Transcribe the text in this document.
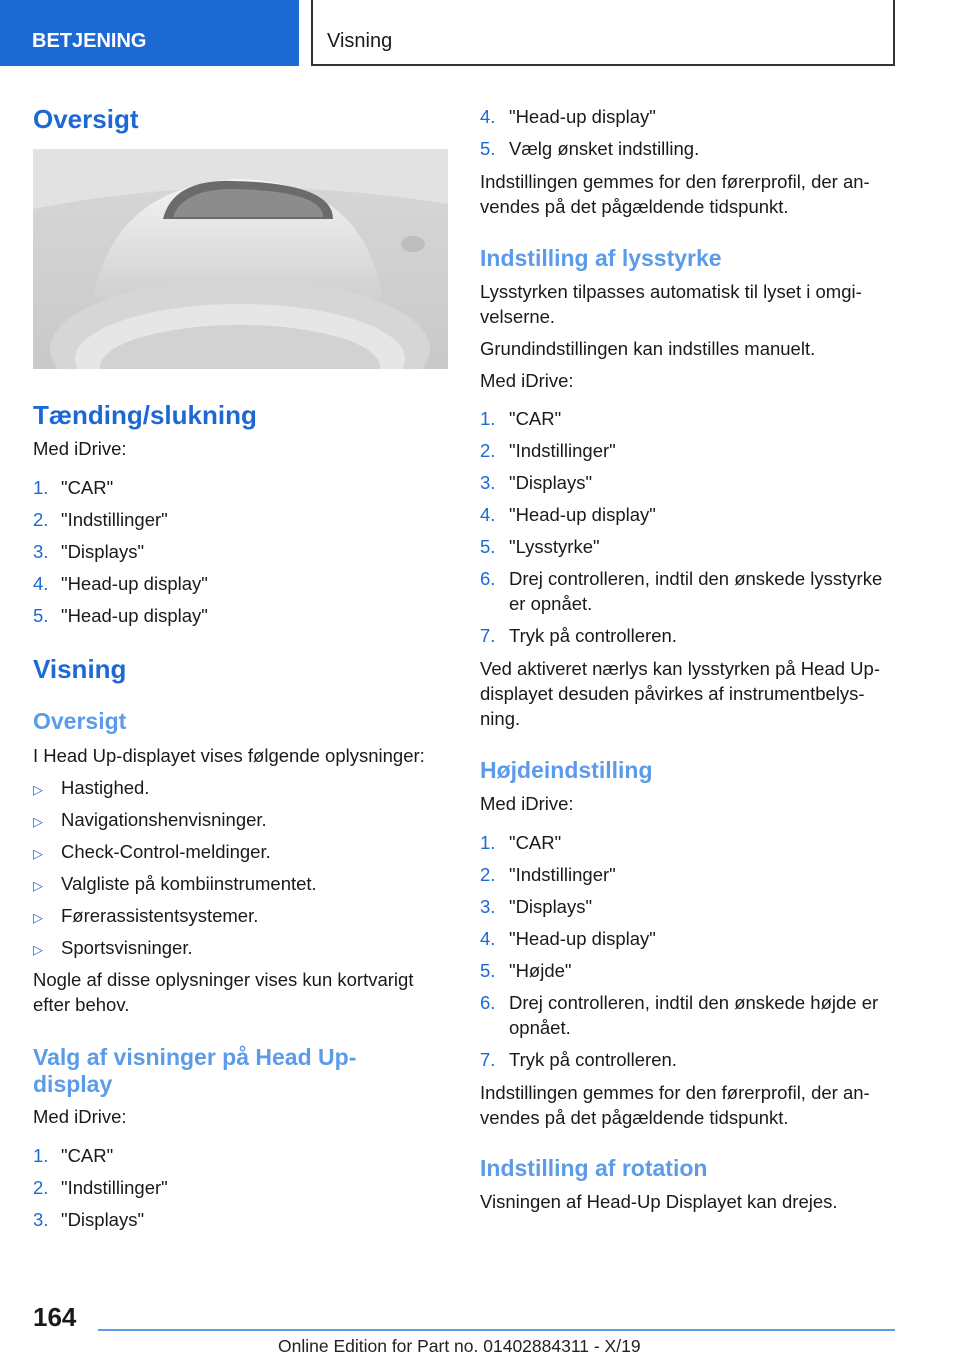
BETJENING	Visning
Oversigt
Tænding/slukning
Med iDrive:
1. "CAR"
2. "Indstillinger"
3. "Displays"
4. "Head-up display"
5. "Head-up display"
Visning
Oversigt
I Head Up-displayet vises følgende oplysninger:
▷ Hastighed.
▷ Navigationshenvisninger.
▷ Check-Control-meldinger.
▷ Valgliste på kombiinstrumentet.
▷ Førerassistentsystemer.
▷ Sportsvisninger.
Nogle af disse oplysninger vises kun kortvarigt
efter behov.
Valg af visninger på Head Up-
display
Med iDrive:
1. "CAR"
2. "Indstillinger"
3. "Displays"
4. "Head-up display"
5. Vælg ønsket indstilling.
Indstillingen gemmes for den førerprofil, der an-
vendes på det pågældende tidspunkt.
Indstilling af lysstyrke
Lysstyrken tilpasses automatisk til lyset i omgi-
velserne.
Grundindstillingen kan indstilles manuelt.
Med iDrive:
1. "CAR"
2. "Indstillinger"
3. "Displays"
4. "Head-up display"
5. "Lysstyrke"
6. Drej controlleren, indtil den ønskede lysstyrke
er opnået.
7. Tryk på controlleren.
Ved aktiveret nærlys kan lysstyrken på Head Up-
displayet desuden påvirkes af instrumentbelys-
ning.
Højdeindstilling
Med iDrive:
1. "CAR"
2. "Indstillinger"
3. "Displays"
4. "Head-up display"
5. "Højde"
6. Drej controlleren, indtil den ønskede højde er
opnået.
7. Tryk på controlleren.
Indstillingen gemmes for den førerprofil, der an-
vendes på det pågældende tidspunkt.
Indstilling af rotation
Visningen af Head-Up Displayet kan drejes.
164
Online Edition for Part no. 01402884311 - X/19
